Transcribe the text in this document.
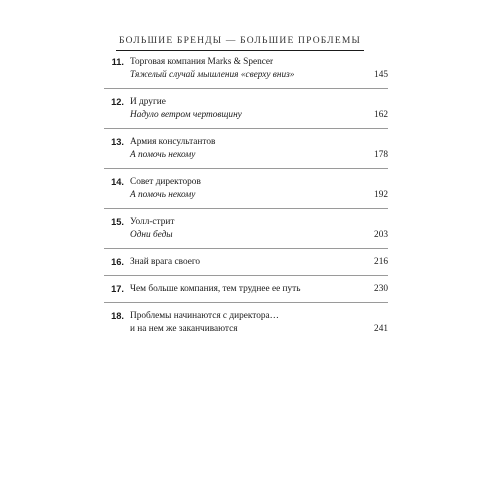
БОЛЬШИЕ БРЕНДЫ — БОЛЬШИЕ ПРОБЛЕМЫ
11. Торговая компания Marks & Spencer
Тяжелый случай мышления «сверху вниз»	145
12. И другие
Надуло ветром чертовщину	162
13. Армия консультантов
А помочь некому	178
14. Совет директоров
А помочь некому	192
15. Уолл-стрит
Одни беды	203
16. Знай врага своего	216
17. Чем больше компания, тем труднее ее путь	230
18. Проблемы начинаются с директора…
и на нем же заканчиваются	241
